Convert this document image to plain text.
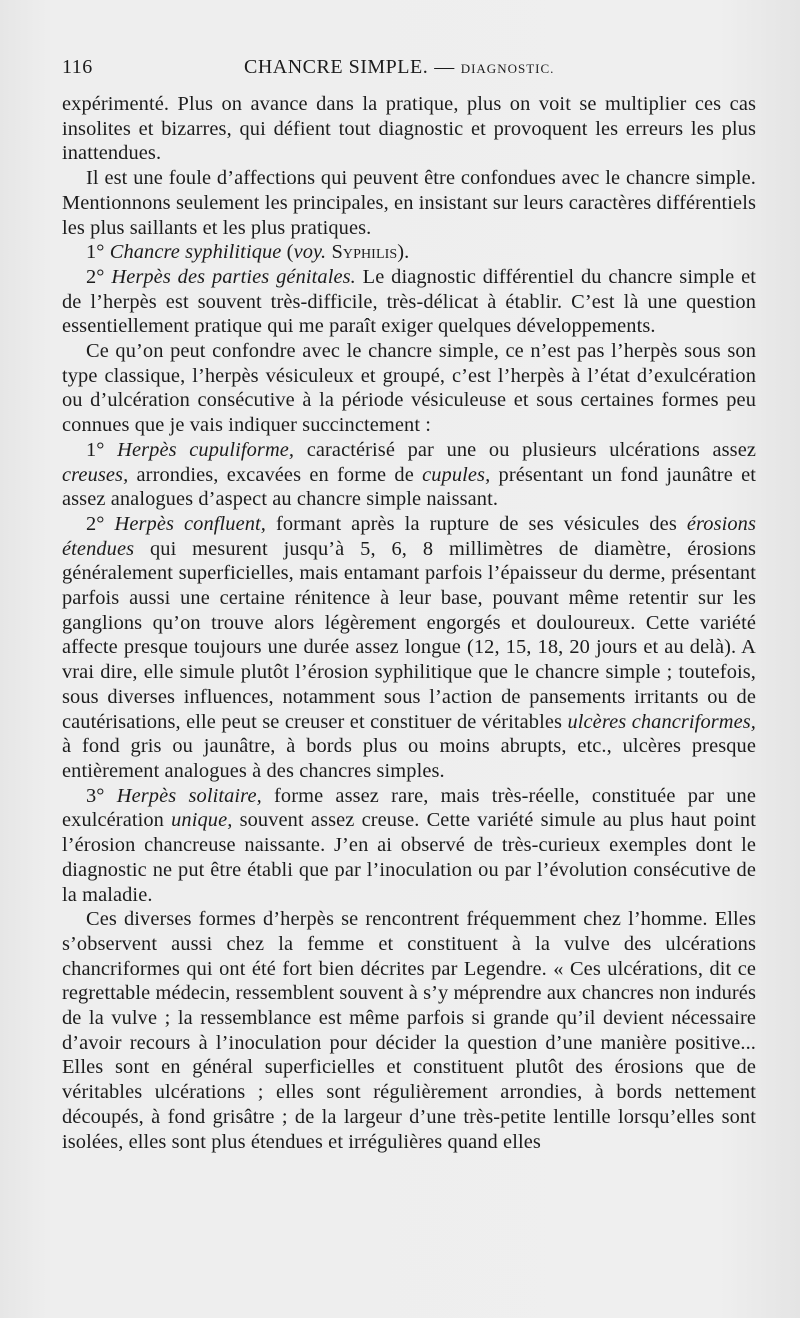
116	CHANCRE SIMPLE. — DIAGNOSTIC.

expérimenté. Plus on avance dans la pratique, plus on voit se multiplier ces cas insolites et bizarres, qui défient tout diagnostic et provoquent les erreurs les plus inattendues.

Il est une foule d’affections qui peuvent être confondues avec le chancre simple. Mentionnons seulement les principales, en insistant sur leurs caractères différentiels les plus saillants et les plus pratiques.

1° Chancre syphilitique (voy. Syphilis).

2° Herpès des parties génitales. Le diagnostic différentiel du chancre simple et de l’herpès est souvent très-difficile, très-délicat à établir. C’est là une question essentiellement pratique qui me paraît exiger quelques développements.

Ce qu’on peut confondre avec le chancre simple, ce n’est pas l’herpès sous son type classique, l’herpès vésiculeux et groupé, c’est l’herpès à l’état d’exulcération ou d’ulcération consécutive à la période vésiculeuse et sous certaines formes peu connues que je vais indiquer succinctement :

1° Herpès cupuliforme, caractérisé par une ou plusieurs ulcérations assez creuses, arrondies, excavées en forme de cupules, présentant un fond jaunâtre et assez analogues d’aspect au chancre simple naissant.

2° Herpès confluent, formant après la rupture de ses vésicules des érosions étendues qui mesurent jusqu’à 5, 6, 8 millimètres de diamètre, érosions généralement superficielles, mais entamant parfois l’épaisseur du derme, présentant parfois aussi une certaine rénitence à leur base, pouvant même retentir sur les ganglions qu’on trouve alors légèrement engorgés et douloureux. Cette variété affecte presque toujours une durée assez longue (12, 15, 18, 20 jours et au delà). A vrai dire, elle simule plutôt l’érosion syphilitique que le chancre simple ; toutefois, sous diverses influences, notamment sous l’action de pansements irritants ou de cautérisations, elle peut se creuser et constituer de véritables ulcères chancriformes, à fond gris ou jaunâtre, à bords plus ou moins abrupts, etc., ulcères presque entièrement analogues à des chancres simples.

3° Herpès solitaire, forme assez rare, mais très-réelle, constituée par une exulcération unique, souvent assez creuse. Cette variété simule au plus haut point l’érosion chancreuse naissante. J’en ai observé de très-curieux exemples dont le diagnostic ne put être établi que par l’inoculation ou par l’évolution consécutive de la maladie.

Ces diverses formes d’herpès se rencontrent fréquemment chez l’homme. Elles s’observent aussi chez la femme et constituent à la vulve des ulcérations chancriformes qui ont été fort bien décrites par Legendre. « Ces ulcérations, dit ce regrettable médecin, ressemblent souvent à s’y méprendre aux chancres non indurés de la vulve ; la ressemblance est même parfois si grande qu’il devient nécessaire d’avoir recours à l’inoculation pour décider la question d’une manière positive... Elles sont en général superficielles et constituent plutôt des érosions que de véritables ulcérations ; elles sont régulièrement arrondies, à bords nettement découpés, à fond grisâtre ; de la largeur d’une très-petite lentille lorsqu’elles sont isolées, elles sont plus étendues et irrégulières quand elles
